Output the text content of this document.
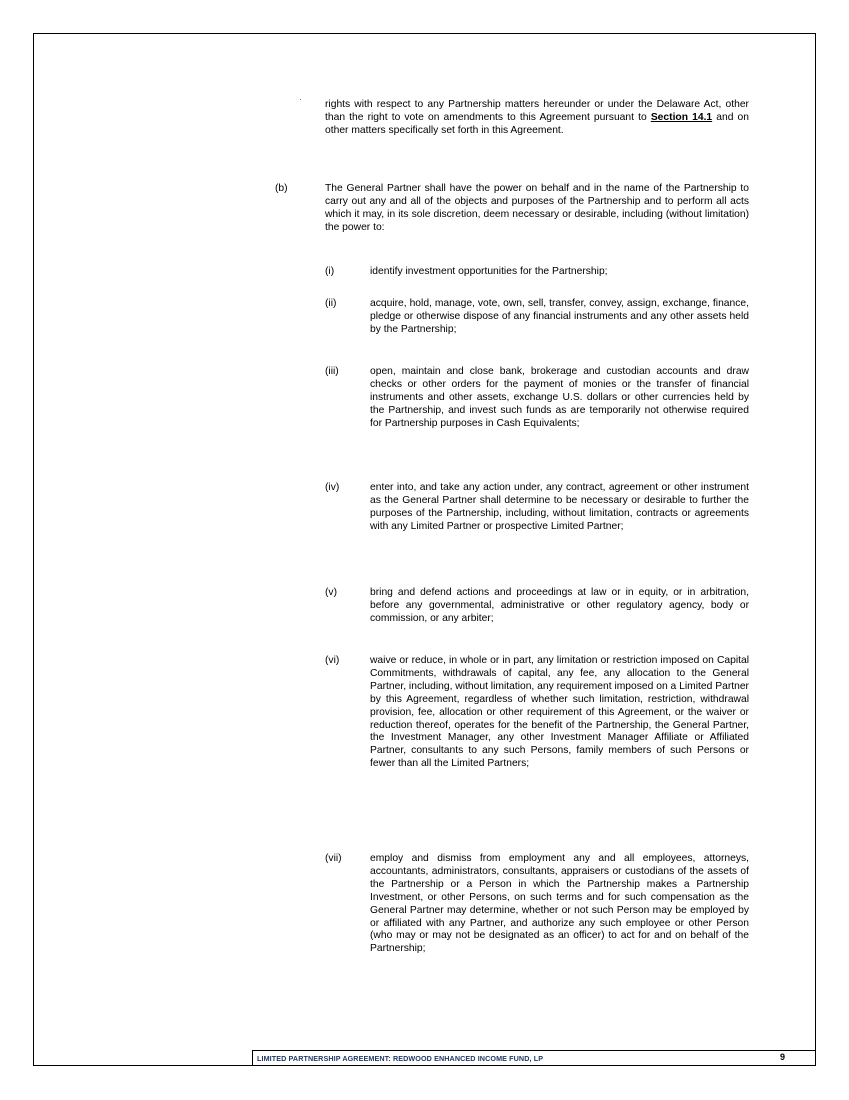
rights with respect to any Partnership matters hereunder or under the Delaware Act, other than the right to vote on amendments to this Agreement pursuant to Section 14.1 and on other matters specifically set forth in this Agreement.
(b)	The General Partner shall have the power on behalf and in the name of the Partnership to carry out any and all of the objects and purposes of the Partnership and to perform all acts which it may, in its sole discretion, deem necessary or desirable, including (without limitation) the power to:
(i)	identify investment opportunities for the Partnership;
(ii)	acquire, hold, manage, vote, own, sell, transfer, convey, assign, exchange, finance, pledge or otherwise dispose of any financial instruments and any other assets held by the Partnership;
(iii)	open, maintain and close bank, brokerage and custodian accounts and draw checks or other orders for the payment of monies or the transfer of financial instruments and other assets, exchange U.S. dollars or other currencies held by the Partnership, and invest such funds as are temporarily not otherwise required for Partnership purposes in Cash Equivalents;
(iv)	enter into, and take any action under, any contract, agreement or other instrument as the General Partner shall determine to be necessary or desirable to further the purposes of the Partnership, including, without limitation, contracts or agreements with any Limited Partner or prospective Limited Partner;
(v)	bring and defend actions and proceedings at law or in equity, or in arbitration, before any governmental, administrative or other regulatory agency, body or commission, or any arbiter;
(vi)	waive or reduce, in whole or in part, any limitation or restriction imposed on Capital Commitments, withdrawals of capital, any fee, any allocation to the General Partner, including, without limitation, any requirement imposed on a Limited Partner by this Agreement, regardless of whether such limitation, restriction, withdrawal provision, fee, allocation or other requirement of this Agreement, or the waiver or reduction thereof, operates for the benefit of the Partnership, the General Partner, the Investment Manager, any other Investment Manager Affiliate or Affiliated Partner, consultants to any such Persons, family members of such Persons or fewer than all the Limited Partners;
(vii)	employ and dismiss from employment any and all employees, attorneys, accountants, administrators, consultants, appraisers or custodians of the assets of the Partnership or a Person in which the Partnership makes a Partnership Investment, or other Persons, on such terms and for such compensation as the General Partner may determine, whether or not such Person may be employed by or affiliated with any Partner, and authorize any such employee or other Person (who may or may not be designated as an officer) to act for and on behalf of the Partnership;
LIMITED PARTNERSHIP AGREEMENT: REDWOOD ENHANCED INCOME FUND, LP	9
